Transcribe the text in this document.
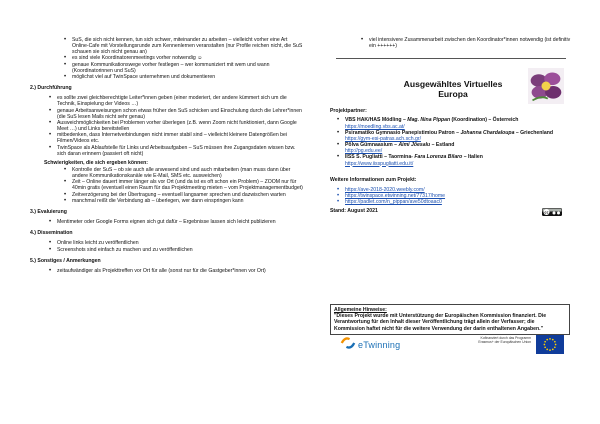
• SuS, die sich nicht kennen, tun sich schwer, miteinander zu arbeiten – vielleicht vorher eine Art Online-Cafe mit Vorstellungsrunde zum Kennenlernen veranstalten (nur Profile reichen nicht, die SuS schauen sie sich nicht genau an)
• es sind viele Koordinatorenmeetings vorher notwendig ☺
• genaue Kommunikationswege vorher festlegen – wer kommuniziert mit wem und wann (Koordinatorinnen und SuS)
• möglichst viel auf TwinSpace unternehmen und dokumentieren
2.) Durchführung
• es sollte zwei gleichberechtigte Leiter*innen geben (einer moderiert, der andere kümmert sich um die Technik, Einspielung der Videos …)
• genaue Arbeitsanweisungen schon etwas früher den SuS schicken und Einschulung durch die Lehrer*innen (die SuS lesen Mails nicht sehr genau)
• Ausweichmöglichkeiten bei Problemen vorher überlegen (z.B. wenn Zoom nicht funktioniert, dann Google Meet …) und Links bereitstellen
• mitbedenken, dass Internetverbindungen nicht immer stabil sind – vielleicht kleinere Datengrößen bei Filmen/Videos etc.
• TwinSpace als Ablaufstelle für Links und Arbeitsaufgaben – SuS müssen ihre Zugangsdaten wissen bzw. sich daran erinnern (passiert oft nicht)
Schwierigkeiten, die sich ergeben können:
• Kontrolle der SuS – ob sie auch alle anwesend sind und auch mitarbeiten (man muss dann über andere Kommunikationskanäle wie E-Mail, SMS etc. ausweichen)
• Zeit – Online dauert immer länger als vor Ort (und da ist es oft schon ein Problem) – ZOOM nur für 40min gratis (eventuell einen Raum für das Projektmeeting mieten – vom Projektmanagementbudget)
• Zeitverzögerung bei der Übertragung – eventuell langsamer sprechen und dazwischen warten
• manchmal reißt die Verbindung ab – überlegen, wer dann einspringen kann
3.) Evaluierung
• Mentimeter oder Google Forms eignen sich gut dafür – Ergebnisse lassen sich leicht publizieren
4.) Dissemination
• Online links leicht zu veröffentlichen
• Screenshots sind einfach zu machen und zu veröffentlichen
5.) Sonstiges / Anmerkungen
• zeitaufwändiger als Projekttreffen vor Ort für alle (sonst nur für die Gastgeber*innen vor Ort)
• viel intensivere Zusammenarbeit zwischen den Koordinator*innen notwendig (ist definitiv ein ++++++)
Ausgewähltes Virtuelles
Europa
Projektpartner:
• VBS HAK/HAS Mödling – Mag. Nina Pippan (Koordination) – Österreich
https://moedling.vbs.ac.at/
• Psiramatiko Gymnasio Panepistimiou Patron – Johanna Chardaloupa – Griechenland
https://gym-esi-patras.ach.sch.gr/
• Põlva Gümnaasium – Aimi Jõesalu – Estland
http://pg.edu.ee/
• IISS S. Pugliatti – Taormina- Fara Lorenza Bilaro – Italien
https://www.iisspugliatti.edu.it/
Weitere Informationen zum Projekt:
• https://ave-2018-2020.weebly.com/
• https://twinspace.etwinning.net/77317/home
• https://padlet.com/n_pippan/ave50dtoaac0
Stand: August 2021	cc
Allgemeine Hinweise:
"Dieses Projekt wurde mit Unterstützung der Europäischen Kommission finanziert. Die Verantwortung für den Inhalt dieser Veröffentlichung trägt allein der Verfasser; die Kommission haftet nicht für die weitere Verwendung der darin enthaltenen Angaben."
eTwinning
Kofinanziert durch das Programm Erasmus+ der Europäischen Union
